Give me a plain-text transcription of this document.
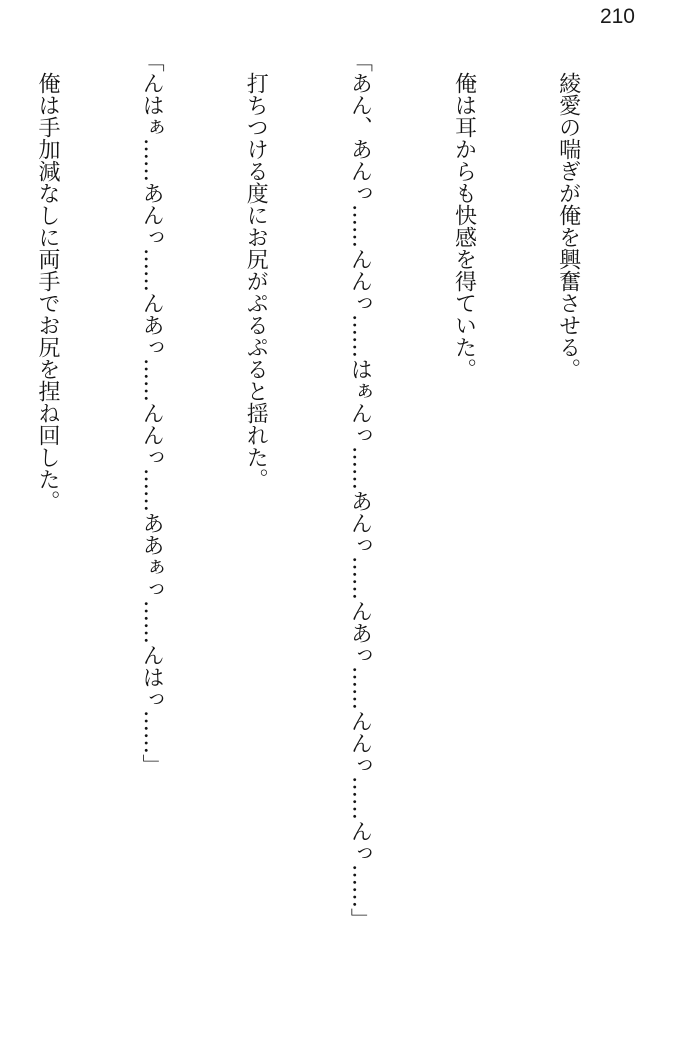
210

　綾愛の喘ぎが俺を興奮させる。

　俺は耳からも快感を得ていた。

「あん、あんっ……んんっ……はぁんっ……あんっ……んあっ……んんっ……んっ……」

　打ちつける度にお尻がぷるぷると揺れた。

「んはぁ……あんっ……んあっ……んんっ……ああぁっ……んはっ……」

　俺は手加減なしに両手でお尻を捏ね回した。
